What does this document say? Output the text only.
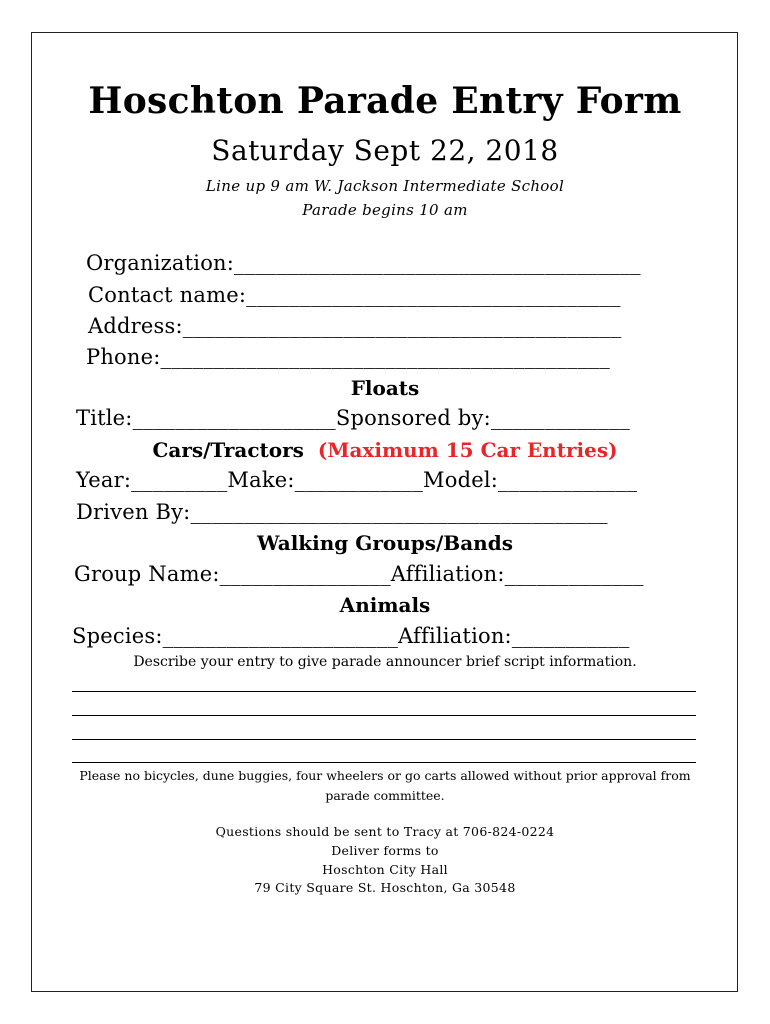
Hoschton Parade Entry Form
Saturday Sept 22, 2018
Line up 9 am W. Jackson Intermediate School
Parade begins 10 am
Organization:______________________________________
Contact name:___________________________________
Address:_________________________________________
Phone:__________________________________________
Floats
Title:___________________Sponsored by:_____________
Cars/Tractors (Maximum 15 Car Entries)
Year:_________Make:____________Model:_____________
Driven By:_______________________________________
Walking Groups/Bands
Group Name:________________Affiliation:_____________
Animals
Species:______________________Affiliation:___________
Describe your entry to give parade announcer brief script information.
Please no bicycles, dune buggies, four wheelers or go carts allowed without prior approval from
parade committee.
Questions should be sent to Tracy at 706-824-0224
Deliver forms to
Hoschton City Hall
79 City Square St. Hoschton, Ga 30548
